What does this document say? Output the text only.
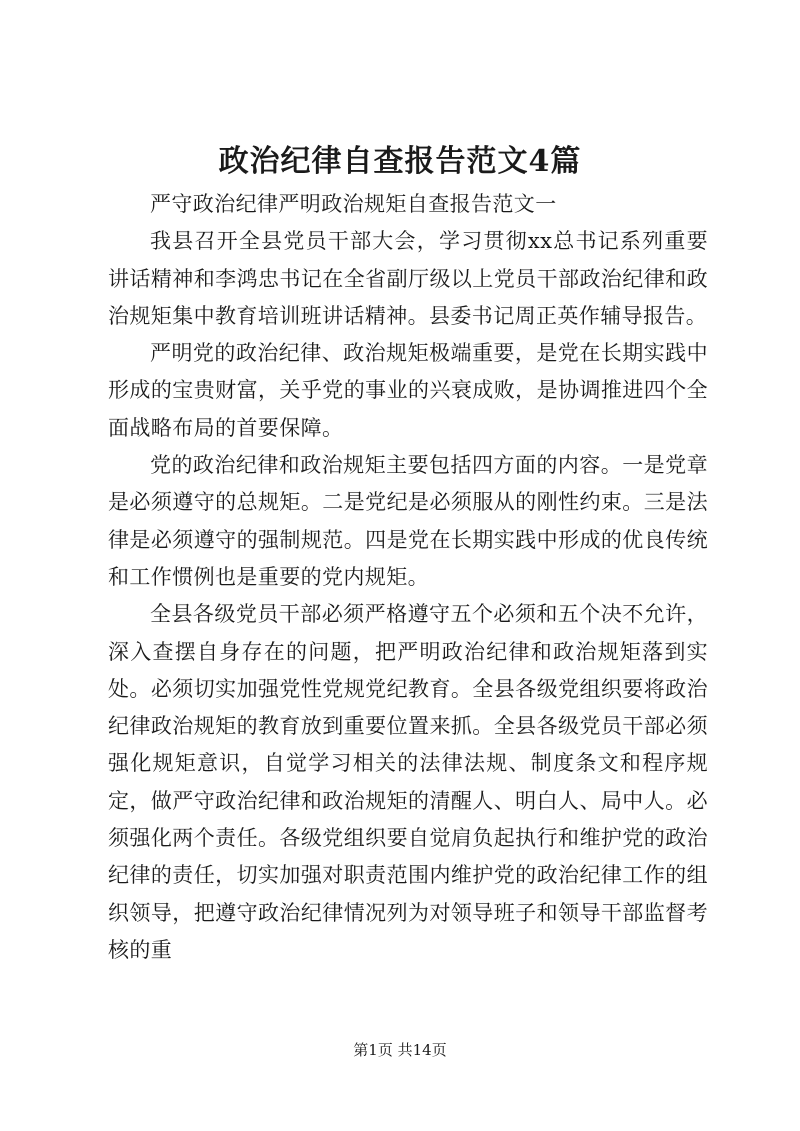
政治纪律自查报告范文4篇

严守政治纪律严明政治规矩自查报告范文一

我县召开全县党员干部大会，学习贯彻xx总书记系列重要讲话精神和李鸿忠书记在全省副厅级以上党员干部政治纪律和政治规矩集中教育培训班讲话精神。县委书记周正英作辅导报告。

严明党的政治纪律、政治规矩极端重要，是党在长期实践中形成的宝贵财富，关乎党的事业的兴衰成败，是协调推进四个全面战略布局的首要保障。

党的政治纪律和政治规矩主要包括四方面的内容。一是党章是必须遵守的总规矩。二是党纪是必须服从的刚性约束。三是法律是必须遵守的强制规范。四是党在长期实践中形成的优良传统和工作惯例也是重要的党内规矩。

全县各级党员干部必须严格遵守五个必须和五个决不允许，深入查摆自身存在的问题，把严明政治纪律和政治规矩落到实处。必须切实加强党性党规党纪教育。全县各级党组织要将政治纪律政治规矩的教育放到重要位置来抓。全县各级党员干部必须强化规矩意识，自觉学习相关的法律法规、制度条文和程序规定，做严守政治纪律和政治规矩的清醒人、明白人、局中人。必须强化两个责任。各级党组织要自觉肩负起执行和维护党的政治纪律的责任，切实加强对职责范围内维护党的政治纪律工作的组织领导，把遵守政治纪律情况列为对领导班子和领导干部监督考核的重

第1页 共14页
